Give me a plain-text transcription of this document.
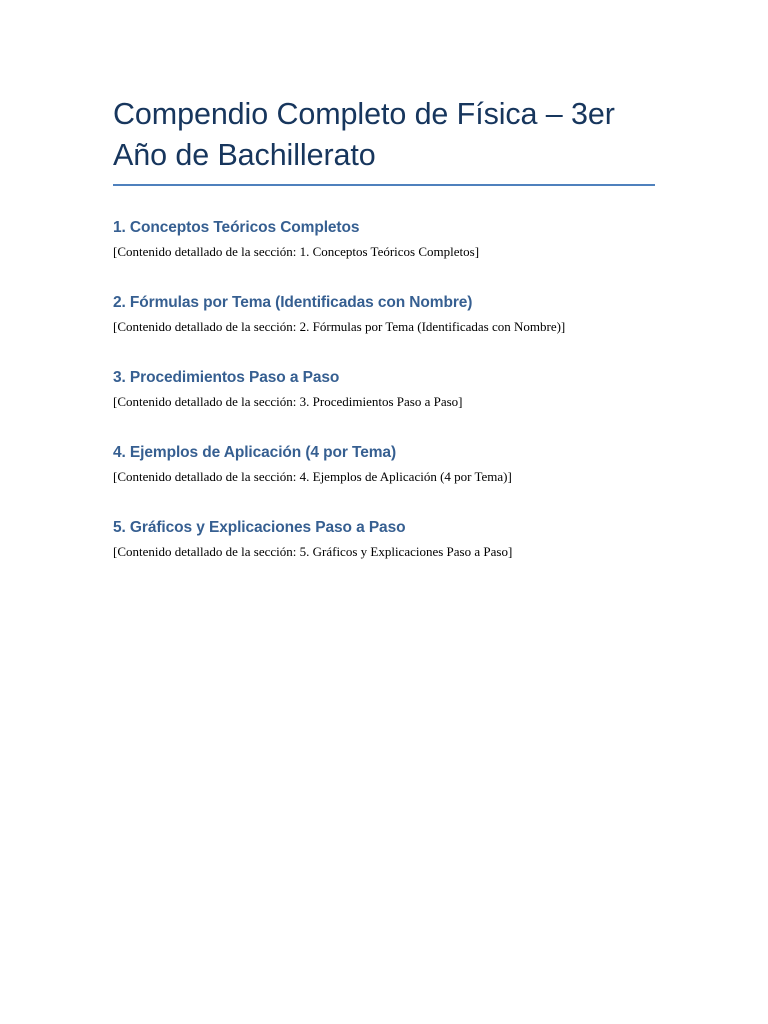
Compendio Completo de Física – 3er Año de Bachillerato
1. Conceptos Teóricos Completos

[Contenido detallado de la sección: 1. Conceptos Teóricos Completos]

2. Fórmulas por Tema (Identificadas con Nombre)

[Contenido detallado de la sección: 2. Fórmulas por Tema (Identificadas con Nombre)]

3. Procedimientos Paso a Paso

[Contenido detallado de la sección: 3. Procedimientos Paso a Paso]

4. Ejemplos de Aplicación (4 por Tema)

[Contenido detallado de la sección: 4. Ejemplos de Aplicación (4 por Tema)]

5. Gráficos y Explicaciones Paso a Paso

[Contenido detallado de la sección: 5. Gráficos y Explicaciones Paso a Paso]
